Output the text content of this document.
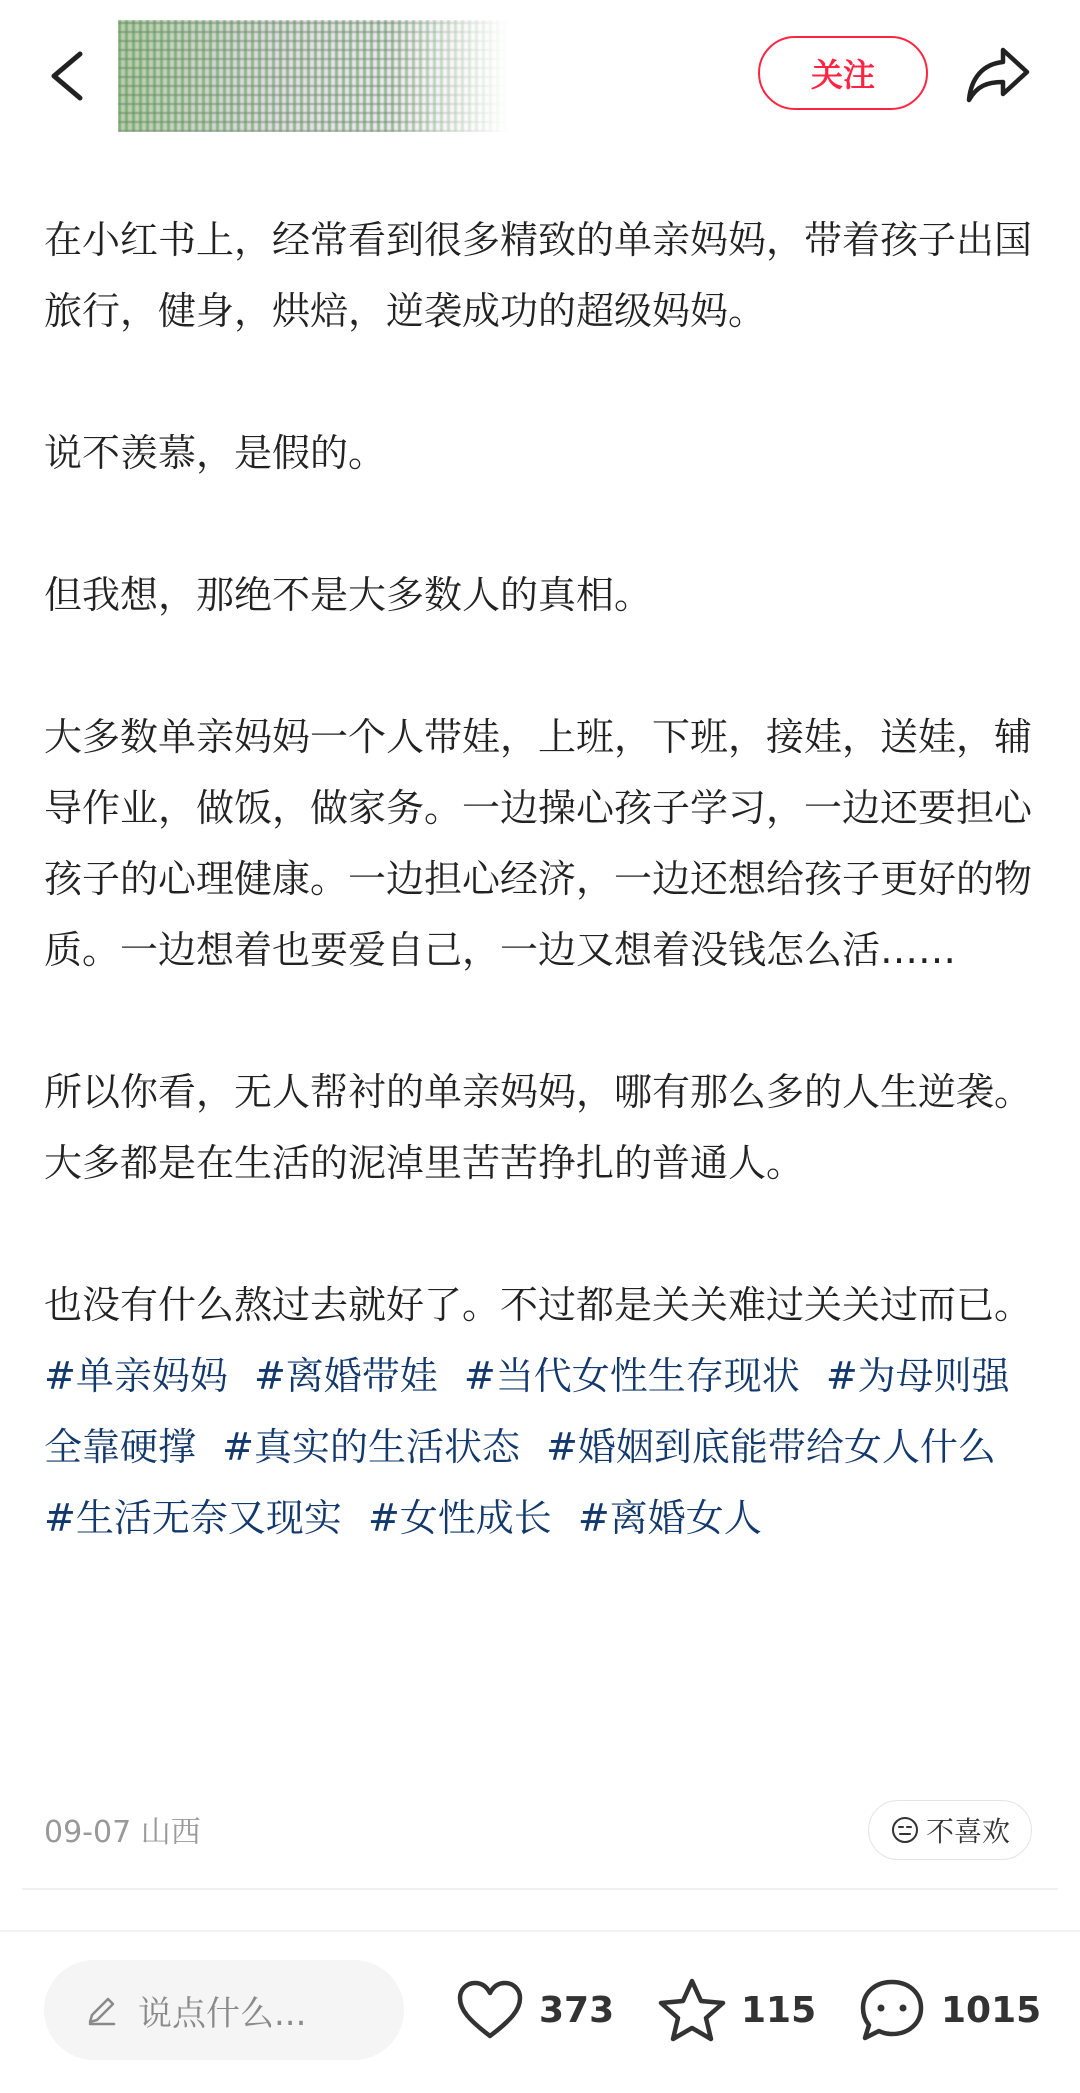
关注

在小红书上，经常看到很多精致的单亲妈妈，带着孩子出国旅行，健身，烘焙，逆袭成功的超级妈妈。

说不羡慕，是假的。

但我想，那绝不是大多数人的真相。

大多数单亲妈妈一个人带娃，上班，下班，接娃，送娃，辅导作业，做饭，做家务。一边操心孩子学习，一边还要担心孩子的心理健康。一边担心经济，一边还想给孩子更好的物质。一边想着也要爱自己，一边又想着没钱怎么活……

所以你看，无人帮衬的单亲妈妈，哪有那么多的人生逆袭。大多都是在生活的泥淖里苦苦挣扎的普通人。

也没有什么熬过去就好了。不过都是关关难过关关过而已。

#单亲妈妈 #离婚带娃 #当代女性生存现状 #为母则强全靠硬撑 #真实的生活状态 #婚姻到底能带给女人什么 #生活无奈又现实 #女性成长 #离婚女人
09-07 山西	不喜欢
说点什么...	373	115	1015
